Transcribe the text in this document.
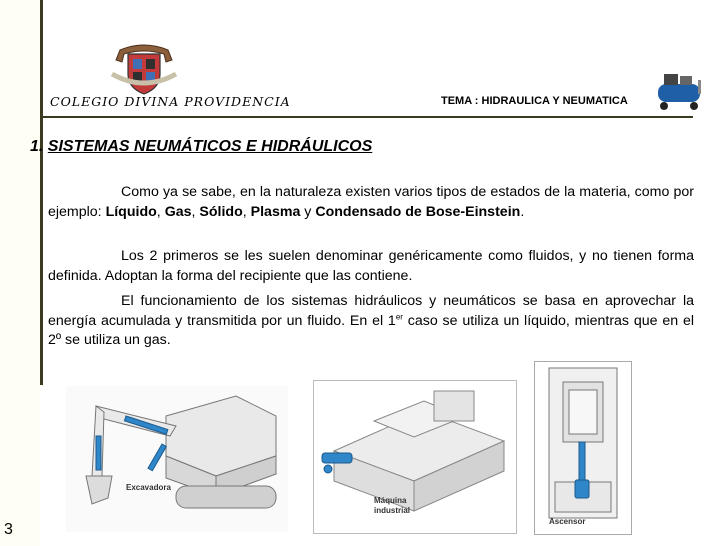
COLEGIO DIVINA PROVIDENCIA	TEMA : HIDRAULICA Y NEUMATICA
1. SISTEMAS NEUMÁTICOS E HIDRÁULICOS
Como ya se sabe, en la naturaleza existen varios tipos de estados de la materia, como por ejemplo: Líquido, Gas, Sólido, Plasma y Condensado de Bose-Einstein.
Los 2 primeros se les suelen denominar genéricamente como fluidos, y no tienen forma definida. Adoptan la forma del recipiente que las contiene.
El funcionamiento de los sistemas hidráulicos y neumáticos se basa en aprovechar la energía acumulada y transmitida por un fluido. En el 1er caso se utiliza un líquido, mientras que en el 2º se utiliza un gas.
Excavadora
Máquina
industrial
Ascensor
3
